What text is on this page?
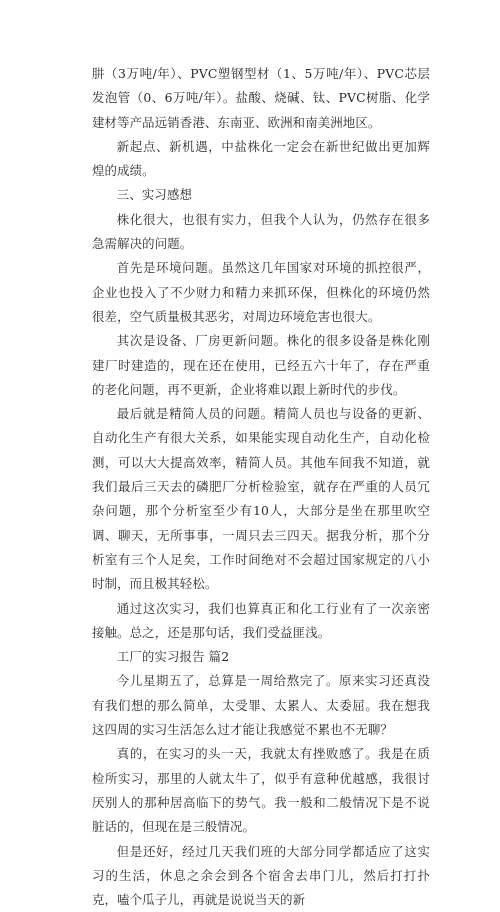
肼（3万吨/年）、PVC塑钢型材（1、5万吨/年）、PVC芯层发泡管（0、6万吨/年）。盐酸、烧碱、钛、PVC树脂、化学建材等产品远销香港、东南亚、欧洲和南美洲地区。

新起点、新机遇，中盐株化一定会在新世纪做出更加辉煌的成绩。

三、实习感想

株化很大，也很有实力，但我个人认为，仍然存在很多急需解决的问题。

首先是环境问题。虽然这几年国家对环境的抓控很严，企业也投入了不少财力和精力来抓环保，但株化的环境仍然很差，空气质量极其恶劣，对周边环境危害也很大。

其次是设备、厂房更新问题。株化的很多设备是株化刚建厂时建造的，现在还在使用，已经五六十年了，存在严重的老化问题，再不更新，企业将难以跟上新时代的步伐。

最后就是精简人员的问题。精简人员也与设备的更新、自动化生产有很大关系，如果能实现自动化生产，自动化检测，可以大大提高效率，精简人员。其他车间我不知道，就我们最后三天去的磷肥厂分析检验室，就存在严重的人员冗杂问题，那个分析室至少有10人，大部分是坐在那里吹空调、聊天，无所事事，一周只去三四天。据我分析，那个分析室有三个人足矣，工作时间绝对不会超过国家规定的八小时制，而且极其轻松。

通过这次实习，我们也算真正和化工行业有了一次亲密接触。总之，还是那句话，我们受益匪浅。

工厂的实习报告 篇2

今儿星期五了，总算是一周给熬完了。原来实习还真没有我们想的那么简单，太受罪、太累人、太委屈。我在想我这四周的实习生活怎么过才能让我感觉不累也不无聊？

真的，在实习的头一天，我就太有挫败感了。我是在质检所实习，那里的人就太牛了，似乎有意种优越感，我很讨厌别人的那种居高临下的势气。我一般和二般情况下是不说脏话的，但现在是三般情况。

但是还好，经过几天我们班的大部分同学都适应了这实习的生活，休息之余会到各个宿舍去串门儿，然后打打扑克，嗑个瓜子儿，再就是说说当天的新
